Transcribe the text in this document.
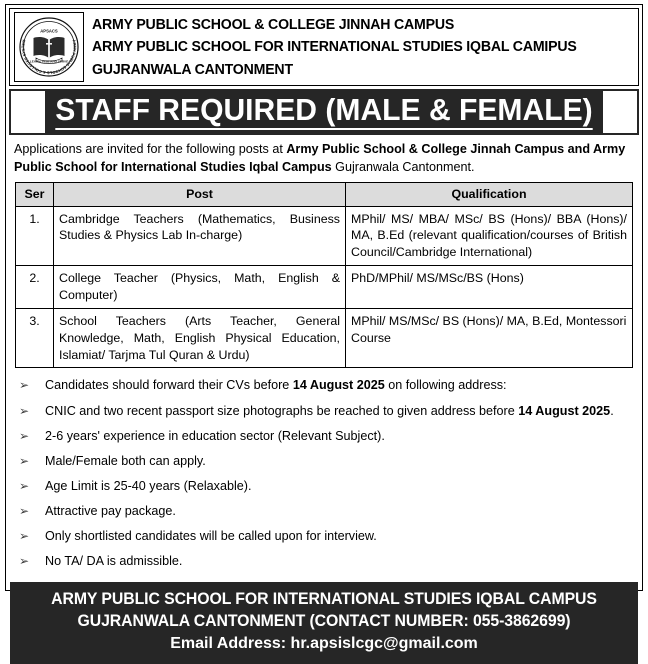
ARMY PUBLIC SCHOOLS & COLLEGES SYSTEM
APSACS
LEARN, RISE AND SERVE
ARMY PUBLIC SCHOOL & COLLEGE JINNAH CAMPUS
ARMY PUBLIC SCHOOL FOR INTERNATIONAL STUDIES IQBAL CAMIPUS
GUJRANWALA CANTONMENT
STAFF REQUIRED (MALE & FEMALE)
Applications are invited for the following posts at Army Public School & College Jinnah Campus and Army Public School for International Studies Iqbal Campus Gujranwala Cantonment.
Ser	Post	Qualification
1.	Cambridge Teachers (Mathematics, Business Studies & Physics Lab In-charge)	MPhil/ MS/ MBA/ MSc/ BS (Hons)/ BBA (Hons)/ MA, B.Ed (relevant qualification/courses of British Council/Cambridge International)
2.	College Teacher (Physics, Math, English & Computer)	PhD/MPhil/ MS/MSc/BS (Hons)
3.	School Teachers (Arts Teacher, General Knowledge, Math, English Physical Education, Islamiat/ Tarjma Tul Quran & Urdu)	MPhil/ MS/MSc/ BS (Hons)/ MA, B.Ed, Montessori Course
➢	Candidates should forward their CVs before 14 August 2025 on following address:
➢	CNIC and two recent passport size photographs be reached to given address before 14 August 2025.
➢	2-6 years' experience in education sector (Relevant Subject).
➢	Male/Female both can apply.
➢	Age Limit is 25-40 years (Relaxable).
➢	Attractive pay package.
➢	Only shortlisted candidates will be called upon for interview.
➢	No TA/ DA is admissible.
ARMY PUBLIC SCHOOL FOR INTERNATIONAL STUDIES IQBAL CAMPUS
GUJRANWALA CANTONMENT (CONTACT NUMBER: 055-3862699)
Email Address: hr.apsislcgc@gmail.com
